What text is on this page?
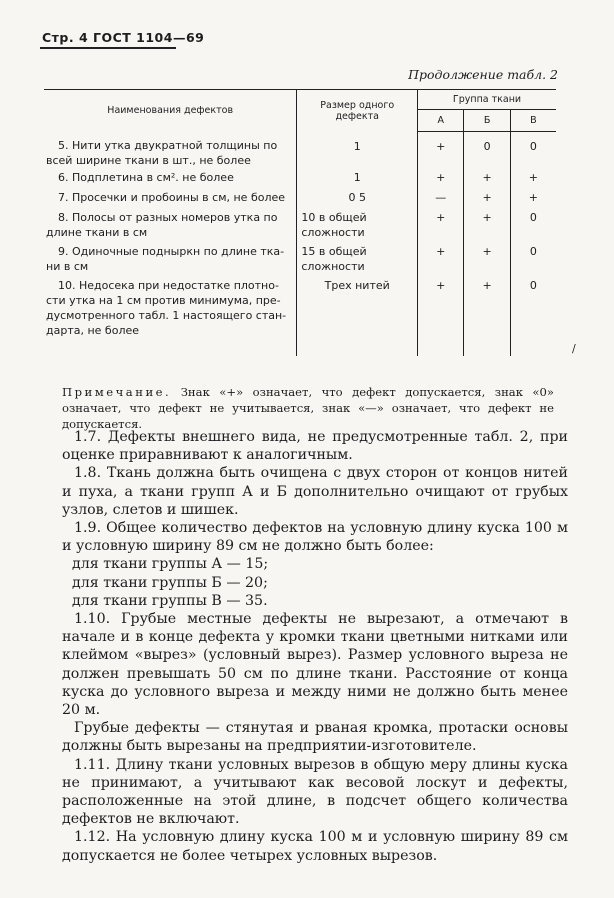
Стр. 4 ГОСТ 1104—69
Продолжение табл. 2
Наименования дефектов	Размер одного дефекта	Группа ткани		
		А	Б	В

5. Нити утка двукратной толщины по
всей ширине ткани в шт., не более	1	+	0	0

6. Подплетина в см². не более	1	+	+	+

7. Просечки и пробоины в см, не более	0 5	—	+	+

8. Полосы от разных номеров утка по
длине ткани в см	10 в общей сложности	+	+	0

9. Одиночные подныркн по длине тка-
ни в см	15 в общей сложности	+	+	0

10. Недосека при недостатке плотно-
сти утка на 1 см против минимума, пре-
дусмотренного табл. 1 настоящего стан-
дарта, не более	Трех нитей	+	+	0
/
Примечание. Знак «+» означает, что дефект допускается, знак «0» означает, что дефект не учитывается, знак «—» означает, что дефект не допускается.

1.7. Дефекты внешнего вида, не предусмотренные табл. 2, при оценке приравнивают к аналогичным.

1.8. Ткань должна быть очищена с двух сторон от концов нитей и пуха, а ткани групп А и Б дополнительно очищают от грубых узлов, слетов и шишек.

1.9. Общее количество дефектов на условную длину куска 100 м и условную ширину 89 см не должно быть более:

для ткани группы А — 15;

для ткани группы Б — 20;

для ткани группы В — 35.

1.10. Грубые местные дефекты не вырезают, а отмечают в начале и в конце дефекта у кромки ткани цветными нитками или клеймом «вырез» (условный вырез). Размер условного выреза не должен превышать 50 см по длине ткани. Расстояние от конца куска до условного выреза и между ними не должно быть менее 20 м.

Грубые дефекты — стянутая и рваная кромка, протаски основы должны быть вырезаны на предприятии-изготовителе.

1.11. Длину ткани условных вырезов в общую меру длины куска не принимают, а учитывают как весовой лоскут и дефекты, расположенные на этой длине, в подсчет общего количества дефектов не включают.

1.12. На условную длину куска 100 м и условную ширину 89 см допускается не более четырех условных вырезов.
